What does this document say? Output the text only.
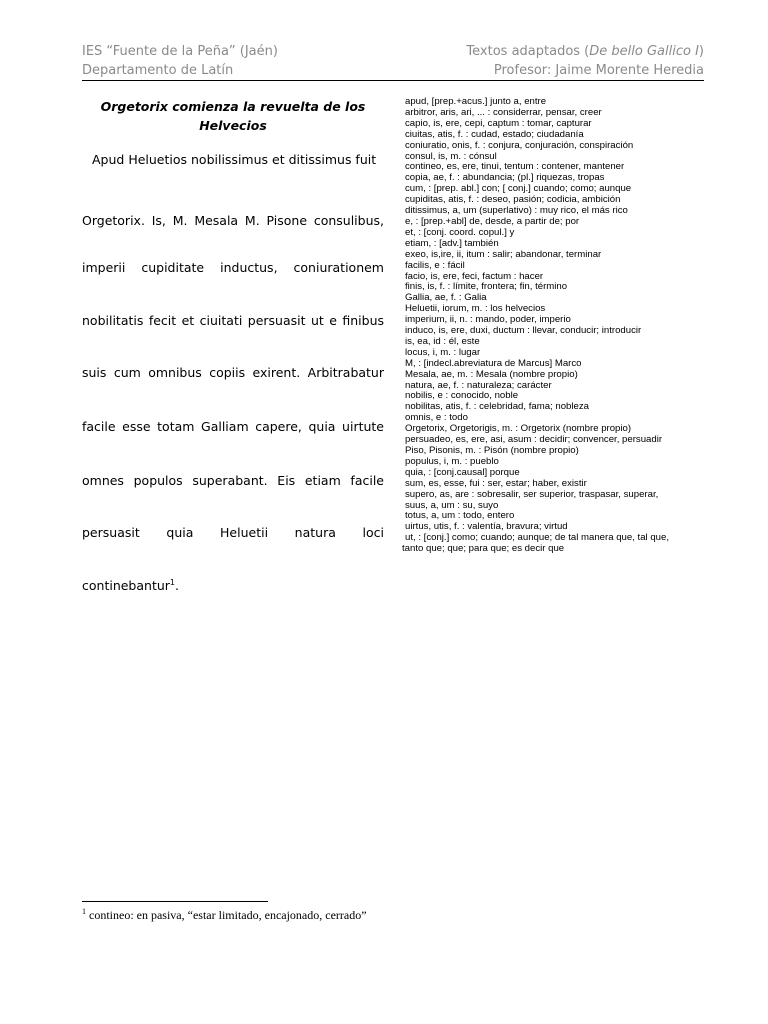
IES “Fuente de la Peña” (Jaén)
Departamento de Latín
Textos adaptados (De bello Gallico I)
Profesor: Jaime Morente Heredia
Orgetorix comienza la revuelta de los
Helvecios
Apud Heluetios nobilissimus et ditissimus fuit
Orgetorix. Is, M. Mesala M. Pisone consulibus,
imperii cupiditate inductus, coniurationem
nobilitatis fecit et ciuitati persuasit ut e finibus
suis cum omnibus copiis exirent. Arbitrabatur
facile esse totam Galliam capere, quia uirtute
omnes populos superabant. Eis etiam facile
persuasit quia Heluetii natura loci
continebantur$^1$.
apud, [prep.+acus.] junto a, entre
arbitror, aris, ari, ... : considerrar, pensar, creer
capio, is, ere, cepi, captum : tomar, capturar
ciuitas, atis, f. : cudad, estado; ciudadanía
coniuratio, onis, f. : conjura, conjuración, conspiración
consul, is, m. : cónsul
contineo, es, ere, tinui, tentum : contener, mantener
copia, ae, f. : abundancia; (pl.] riquezas, tropas
cum, : [prep. abl.] con; [ conj.] cuando; como; aunque
cupiditas, atis, f. : deseo, pasión; codicia, ambición
ditissimus, a, um (superlativo) : muy rico, el más rico
e, : [prep.+abl] de, desde, a partir de; por
et, : [conj. coord. copul.] y
etiam, : [adv.] también
exeo, is,ire, ii, itum : salir; abandonar, terminar
facilis, e : fácil
facio, is, ere, feci, factum : hacer
finis, is, f. : límite, frontera; fin, término
Gallia, ae, f. : Galia
Heluetii, iorum, m. : los helvecios
imperium, ii, n. : mando, poder, imperio
induco, is, ere, duxi, ductum : llevar, conducir; introducir
is, ea, id : él, este
locus, i, m. : lugar
M, : [indecl.abreviatura de Marcus] Marco
Mesala, ae, m. : Mesala (nombre propio)
natura, ae, f. : naturaleza; carácter
nobilis, e : conocido, noble
nobilitas, atis, f. : celebridad, fama; nobleza
omnis, e : todo
Orgetorix, Orgetorigis, m. : Orgetorix (nombre propio)
persuadeo, es, ere, asi, asum : decidir; convencer, persuadir
Piso, Pisonis, m. : Pisón (nombre propio)
populus, i, m. : pueblo
quia, : [conj.causal] porque
sum, es, esse, fui : ser, estar; haber, existir
supero, as, are : sobresalir, ser superior, traspasar, superar,
suus, a, um : su, suyo
totus, a, um : todo, entero
uirtus, utis, f. : valentía, bravura; virtud
ut, : [conj.] como; cuando; aunque; de tal manera que, tal que,
tanto que; que; para que; es decir que
$^1$ contineo: en pasiva, “estar limitado, encajonado, cerrado”
